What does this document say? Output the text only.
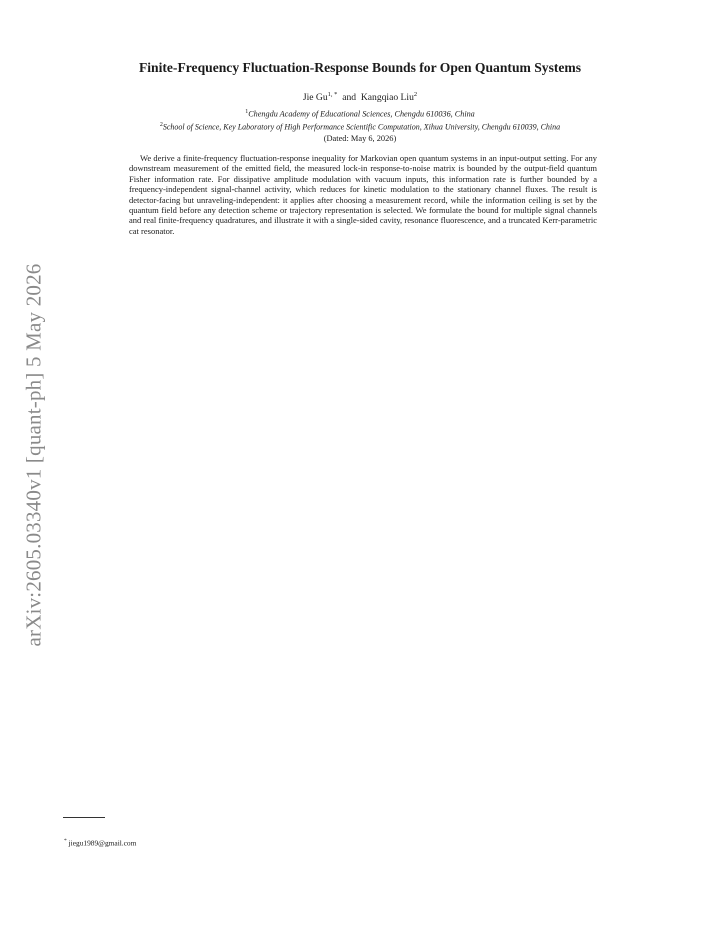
arXiv:2605.03340v1 [quant-ph] 5 May 2026
Finite-Frequency Fluctuation-Response Bounds for Open Quantum Systems
Jie $Gu^{1, *}$ and Kangqiao Liu$^2$
$^1$Chengdu Academy of Educational Sciences, Chengdu 610036, China
$^2$School of Science, Key Laboratory of High Performance Scientific Computation, Xihua University, Chengdu 610039, China
(Dated: May 6, 2026)

We derive a finite-frequency fluctuation-response inequality for Markovian open quantum systems in an input-output setting. For any downstream measurement of the emitted field, the measured lock-in response-to-noise matrix is bounded by the output-field quantum Fisher information rate. For dissipative amplitude modulation with vacuum inputs, this information rate is further bounded by a frequency-independent signal-channel activity, which reduces for kinetic modulation to the stationary channel fluxes. The result is detector-facing but unraveling-independent: it applies after choosing a measurement record, while the information ceiling is set by the quantum field before any detection scheme or trajectory representation is selected. We formulate the bound for multiple signal channels and real finite-frequency quadratures, and illustrate it with a single-sided cavity, resonance fluorescence, and a truncated Kerr-parametric cat resonator.

* jiegu1989@gmail.com
